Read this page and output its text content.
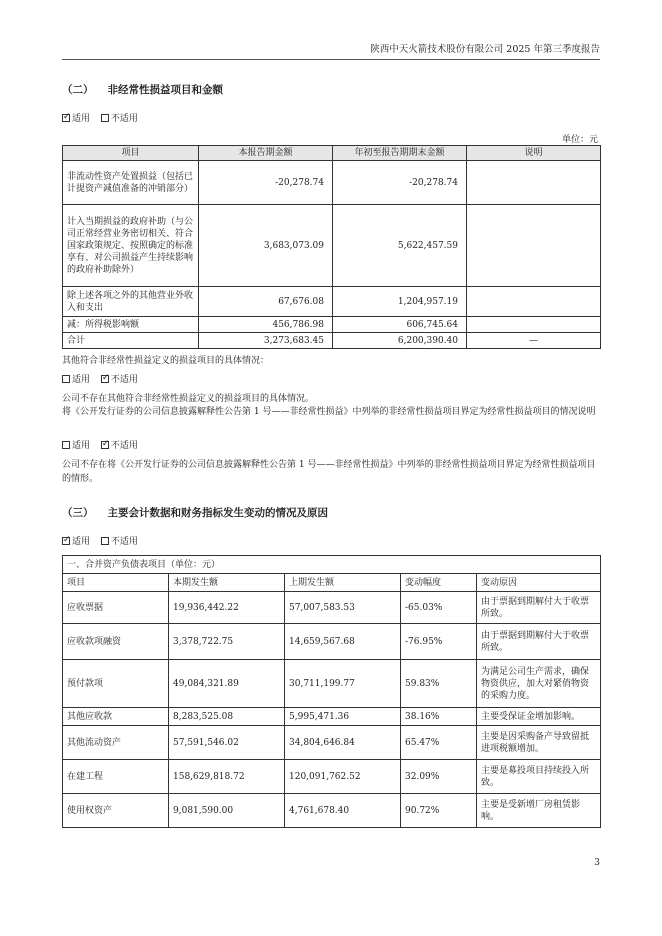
陕西中天火箭技术股份有限公司 2025 年第三季度报告
（二） 非经常性损益项目和金额
✓适用 不适用
单位：元
项目	本报告期金额	年初至报告期期末金额	说明
非流动性资产处置损益（包括已计提资产减值准备的冲销部分）	-20,278.74	-20,278.74	
计入当期损益的政府补助（与公司正常经营业务密切相关、符合国家政策规定、按照确定的标准享有、对公司损益产生持续影响的政府补助除外）	3,683,073.09	5,622,457.59	
除上述各项之外的其他营业外收入和支出	67,676.08	1,204,957.19	
减：所得税影响额	456,786.98	606,745.64	
合计	3,273,683.45	6,200,390.40	—
其他符合非经常性损益定义的损益项目的具体情况：
适用 ✓ 不适用
公司不存在其他符合非经常性损益定义的损益项目的具体情况。
将《公开发行证券的公司信息披露解释性公告第 1 号——非经常性损益》中列举的非经常性损益项目界定为经常性损益项目的情况说明
适用 ✓ 不适用
公司不存在将《公开发行证券的公司信息披露解释性公告第 1 号——非经常性损益》中列举的非经常性损益项目界定为经常性损益项目的情形。
（三） 主要会计数据和财务指标发生变动的情况及原因
✓适用 不适用
一、合并资产负债表项目（单位：元）				
项目	本期发生额	上期发生额	变动幅度	变动原因
应收票据	19,936,442.22	57,007,583.53	-65.03%	由于票据到期解付大于收票所致。
应收款项融资	3,378,722.75	14,659,567.68	-76.95%	由于票据到期解付大于收票所致。
预付款项	49,084,321.89	30,711,199.77	59.83%	为满足公司生产需求，确保物资供应，加大对紧俏物资的采购力度。
其他应收款	8,283,525.08	5,995,471.36	38.16%	主要受保证金增加影响。
其他流动资产	57,591,546.02	34,804,646.84	65.47%	主要是因采购备产导致留抵进项税额增加。
在建工程	158,629,818.72	120,091,762.52	32.09%	主要是募投项目持续投入所致。
使用权资产	9,081,590.00	4,761,678.40	90.72%	主要是受新增厂房租赁影响。
3
